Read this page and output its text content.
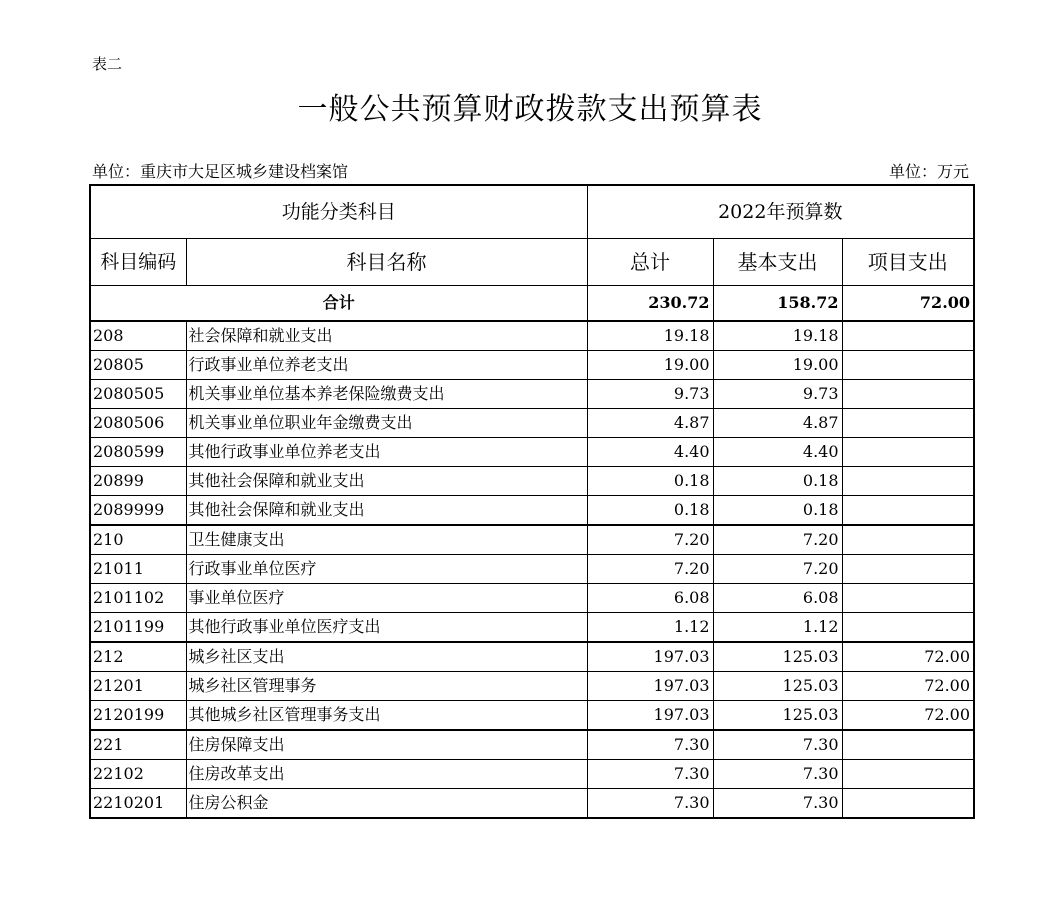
表二
一般公共预算财政拨款支出预算表
单位：重庆市大足区城乡建设档案馆	单位：万元
功能分类科目		2022年预算数		
科目编码	科目名称	总计	基本支出	项目支出
合计		230.72	158.72	72.00
208	社会保障和就业支出	19.18	19.18	
20805	行政事业单位养老支出	19.00	19.00	
2080505	机关事业单位基本养老保险缴费支出	9.73	9.73	
2080506	机关事业单位职业年金缴费支出	4.87	4.87	
2080599	其他行政事业单位养老支出	4.40	4.40	
20899	其他社会保障和就业支出	0.18	0.18	
2089999	其他社会保障和就业支出	0.18	0.18	
210	卫生健康支出	7.20	7.20	
21011	行政事业单位医疗	7.20	7.20	
2101102	事业单位医疗	6.08	6.08	
2101199	其他行政事业单位医疗支出	1.12	1.12	
212	城乡社区支出	197.03	125.03	72.00
21201	城乡社区管理事务	197.03	125.03	72.00
2120199	其他城乡社区管理事务支出	197.03	125.03	72.00
221	住房保障支出	7.30	7.30	
22102	住房改革支出	7.30	7.30	
2210201	住房公积金	7.30	7.30	
